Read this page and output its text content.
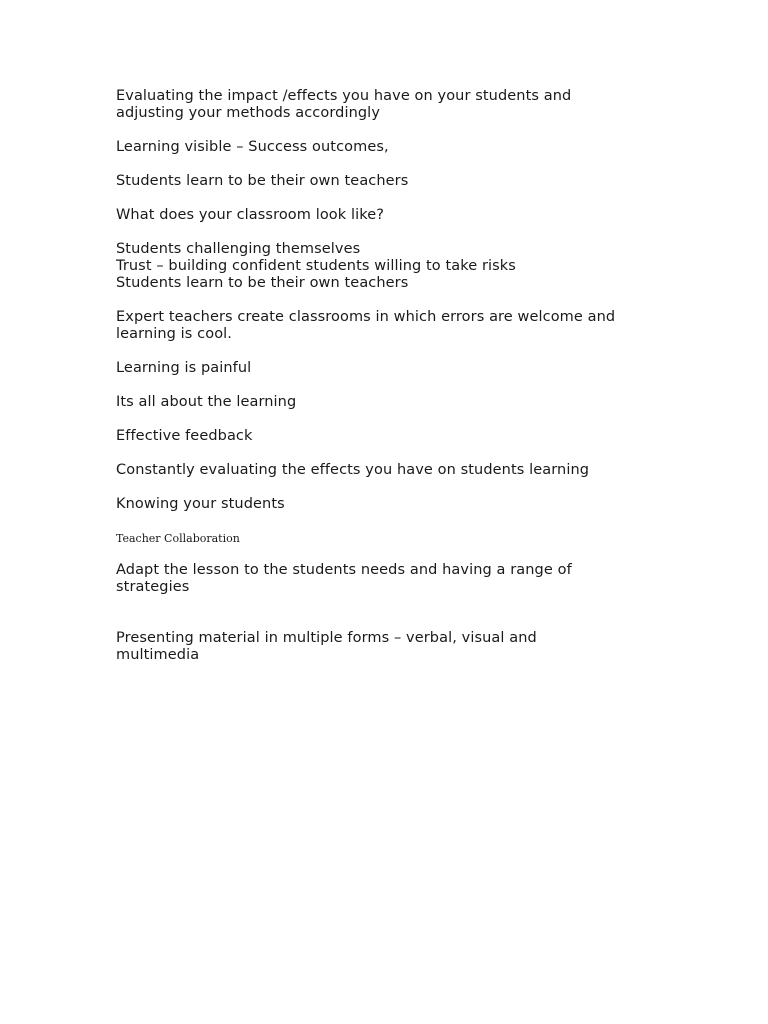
Evaluating the impact /effects you have on your students and

adjusting your methods accordingly

Learning visible – Success outcomes,

Students learn to be their own teachers

What does your classroom look like?

Students challenging themselves

Trust – building confident students willing to take risks

Students learn to be their own teachers

Expert teachers create classrooms in which errors are welcome and

learning is cool.

Learning is painful

Its all about the learning

Effective feedback

Constantly evaluating the effects you have on students learning

Knowing your students

Teacher Collaboration

Adapt the lesson to the students needs and having a range of

strategies

Presenting material in multiple forms – verbal, visual and

multimedia
